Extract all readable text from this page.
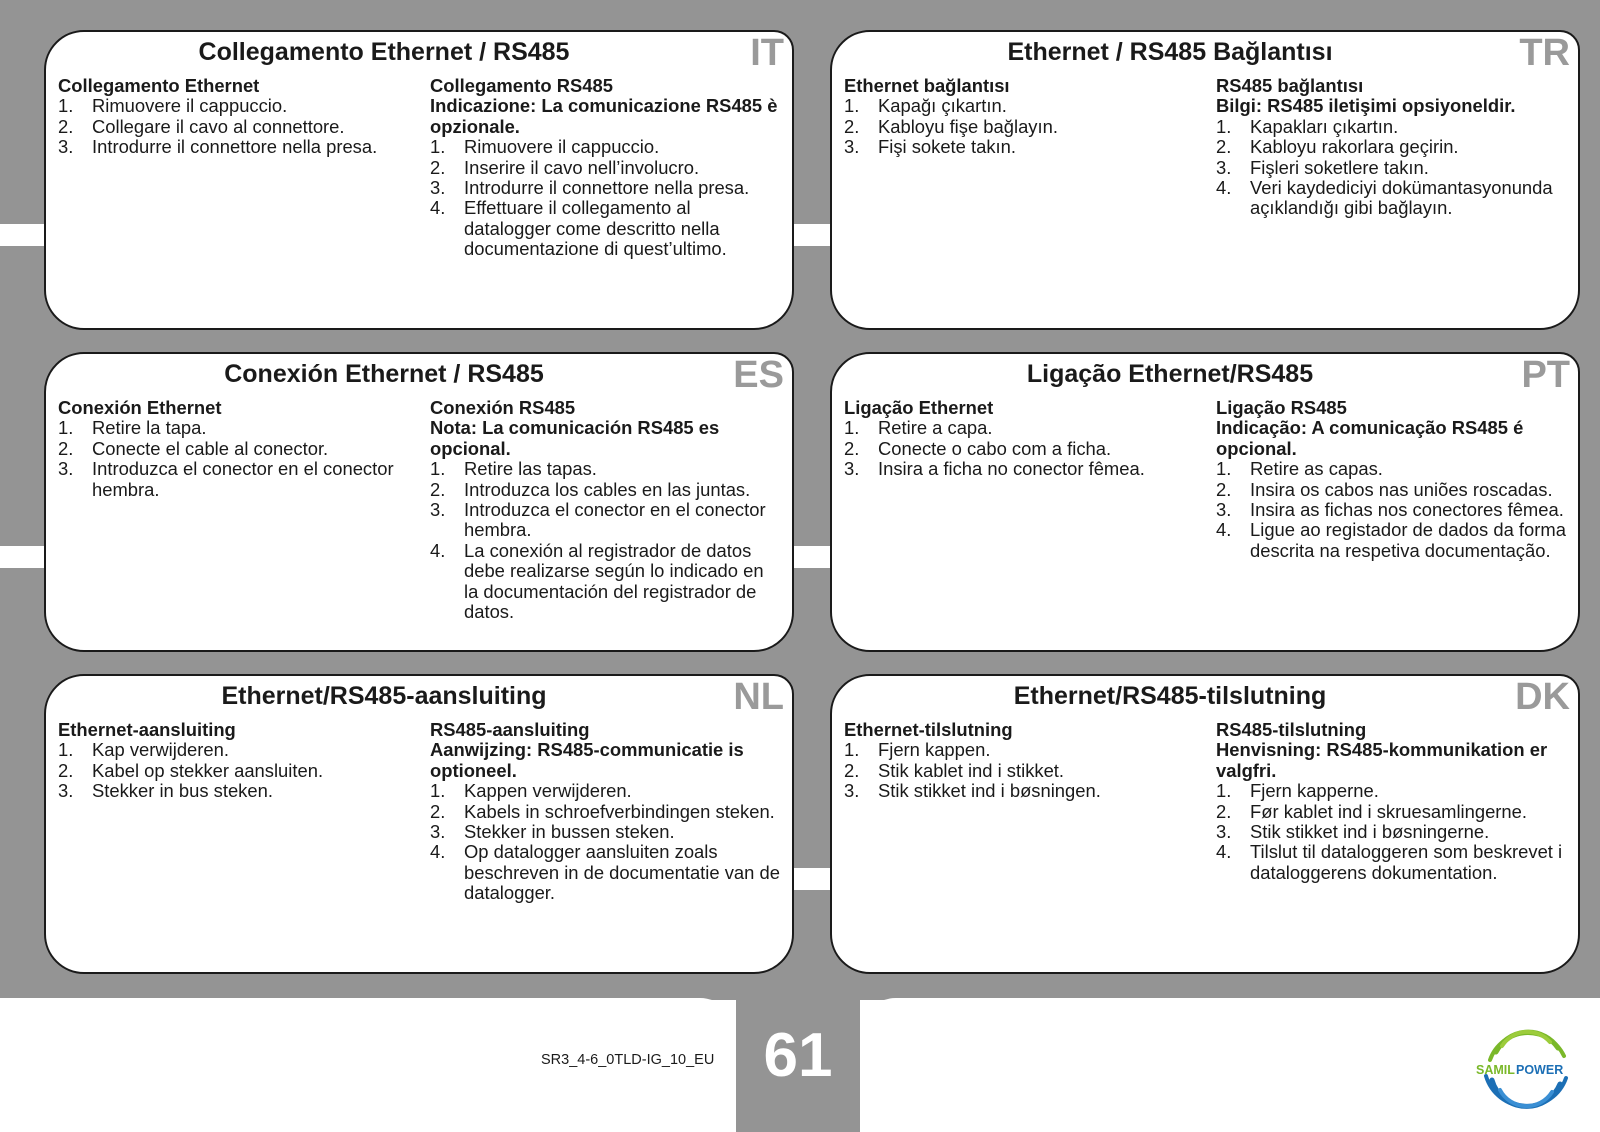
Collegamento Ethernet / RS485	IT
Collegamento Ethernet
1.	Rimuovere il cappuccio.
2.	Collegare il cavo al connettore.
3.	Introdurre il connettore nella presa.
Collegamento RS485
Indicazione: La comunicazione RS485 è opzionale.
1.	Rimuovere il cappuccio.
2.	Inserire il cavo nell’involucro.
3.	Introdurre il connettore nella presa.
4.	Effettuare il collegamento al datalogger come descritto nella documentazione di quest’ultimo.
Ethernet / RS485 Bağlantısı	TR
Ethernet bağlantısı
1.	Kapağı çıkartın.
2.	Kabloyu fişe bağlayın.
3.	Fişi sokete takın.
RS485 bağlantısı
Bilgi: RS485 iletişimi opsiyoneldir.
1.	Kapakları çıkartın.
2.	Kabloyu rakorlara geçirin.
3.	Fişleri soketlere takın.
4.	Veri kaydediciyi dokümantasyonunda açıklandığı gibi bağlayın.
Conexión Ethernet / RS485	ES
Conexión Ethernet
1.	Retire la tapa.
2.	Conecte el cable al conector.
3.	Introduzca el conector en el conector hembra.
Conexión RS485
Nota: La comunicación RS485 es opcional.
1.	Retire las tapas.
2.	Introduzca los cables en las juntas.
3.	Introduzca el conector en el conector hembra.
4.	La conexión al registrador de datos debe realizarse según lo indicado en la documentación del registrador de datos.
Ligação Ethernet/RS485	PT
Ligação Ethernet
1.	Retire a capa.
2.	Conecte o cabo com a ficha.
3.	Insira a ficha no conector fêmea.
Ligação RS485
Indicação: A comunicação RS485 é opcional.
1.	Retire as capas.
2.	Insira os cabos nas uniões roscadas.
3.	Insira as fichas nos conectores fêmea.
4.	Ligue ao registador de dados da forma descrita na respetiva documentação.
Ethernet/RS485-aansluiting	NL
Ethernet-aansluiting
1.	Kap verwijderen.
2.	Kabel op stekker aansluiten.
3.	Stekker in bus steken.
RS485-aansluiting
Aanwijzing: RS485-communicatie is optioneel.
1.	Kappen verwijderen.
2.	Kabels in schroefverbindingen steken.
3.	Stekker in bussen steken.
4.	Op datalogger aansluiten zoals beschreven in de documentatie van de datalogger.
Ethernet/RS485-tilslutning	DK
Ethernet-tilslutning
1.	Fjern kappen.
2.	Stik kablet ind i stikket.
3.	Stik stikket ind i bøsningen.
RS485-tilslutning
Henvisning: RS485-kommunikation er valgfri.
1.	Fjern kapperne.
2.	Før kablet ind i skruesamlingerne.
3.	Stik stikket ind i bøsningerne.
4.	Tilslut til dataloggeren som beskrevet i dataloggerens dokumentation.
SR3_4-6_0TLD-IG_10_EU 61	SAMIL POWER
